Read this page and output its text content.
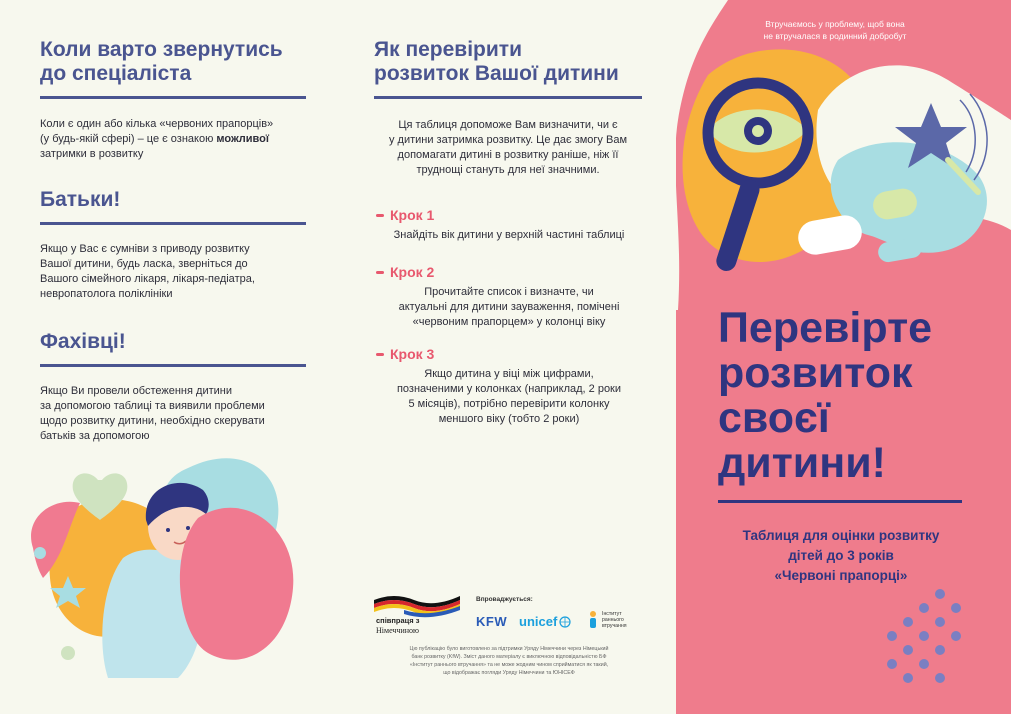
Коли варто звернутись
до спеціаліста
Коли є один або кілька «червоних прапорців»
(у будь-якій сфері) – це є ознакою можливої
затримки в розвитку
Батьки!
Якщо у Вас є сумніви з приводу розвитку
Вашої дитини, будь ласка, зверніться до
Вашого сімейного лікаря, лікаря-педіатра,
невропатолога поліклініки
Фахівці!
Якщо Ви провели обстеження дитини
за допомогою таблиці та виявили проблеми
щодо розвитку дитини, необхідно скерувати
батьків за допомогою
Як перевірити
розвиток Вашої дитини
Ця таблиця допоможе Вам визначити, чи є
у дитини затримка розвитку. Це дає змогу Вам
допомагати дитині в розвитку раніше, ніж її
труднощі стануть для неї значними.
Крок 1
Знайдіть вік дитини у верхній частині таблиці
Крок 2
Прочитайте список і визначте, чи
актуальні для дитини зауваження, помічені
«червоним прапорцем» у колонці віку
Крок 3
Якщо дитина у віці між цифрами,
позначеними у колонках (наприклад, 2 роки
5 місяців), потрібно перевірити колонку
меншого віку (тобто 2 роки)
співпраця з
Німеччиною
Впроваджується:
KFW unicef	Інститут
раннього
втручання
Цю публікацію було виготовлено за підтримки Уряду Німеччини через Німецький
банк розвитку (KfW). Зміст даного матеріалу є виключною відповідальністю БФ
«Інститут раннього втручання» та не може жодним чином сприйматися як такий,
що відображає погляди Уряду Німеччини та ЮНІСЕФ
Втручаємось у проблему, щоб вона
не втручалася в родинний добробут
Перевірте
розвиток
своєї
дитини!
Таблиця для оцінки розвитку
дітей до 3 років
«Червоні прапорці»
